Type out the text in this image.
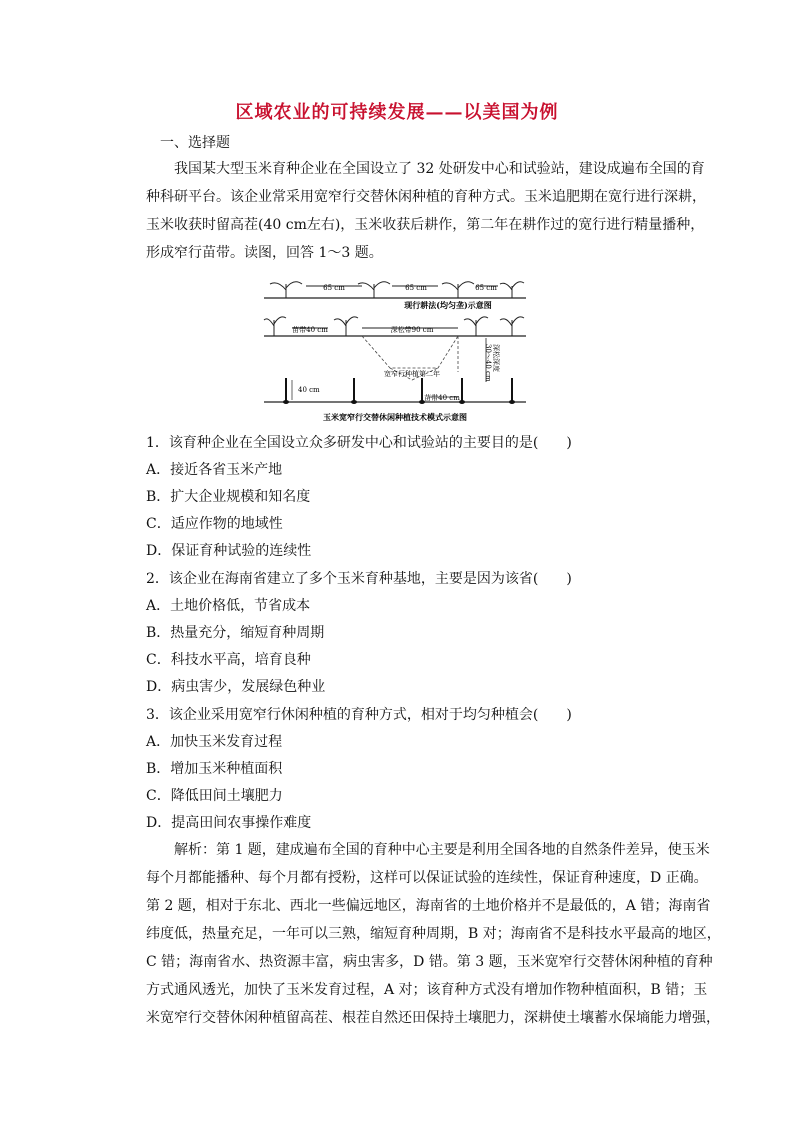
区域农业的可持续发展——以美国为例
一、选择题
我国某大型玉米育种企业在全国设立了 32 处研发中心和试验站，建设成遍布全国的育
种科研平台。该企业常采用宽窄行交替休闲种植的育种方式。玉米追肥期在宽行进行深耕，
玉米收获时留高茬(40 cm左右)，玉米收获后耕作，第二年在耕作过的宽行进行精量播种，
形成窄行苗带。读图，回答 1～3 题。
65 cm	65 cm	65 cm
现行耕法(均匀垄)示意图
苗带40 cm	深松带90 cm
深松深度
30～40 cm
宽窄行种植第二年
40 cm
苗带40 cm
玉米宽窄行交替休闲种植技术模式示意图
1．该育种企业在全国设立众多研发中心和试验站的主要目的是(　　)
A．接近各省玉米产地
B．扩大企业规模和知名度
C．适应作物的地域性
D．保证育种试验的连续性
2．该企业在海南省建立了多个玉米育种基地，主要是因为该省(　　)
A．土地价格低，节省成本
B．热量充分，缩短育种周期
C．科技水平高，培育良种
D．病虫害少，发展绿色种业
3．该企业采用宽窄行休闲种植的育种方式，相对于均匀种植会(　　)
A．加快玉米发育过程
B．增加玉米种植面积
C．降低田间土壤肥力
D．提高田间农事操作难度
解析：第 1 题，建成遍布全国的育种中心主要是利用全国各地的自然条件差异，使玉米
每个月都能播种、每个月都有授粉，这样可以保证试验的连续性，保证育种速度，D 正确。
第 2 题，相对于东北、西北一些偏远地区，海南省的土地价格并不是最低的，A 错；海南省
纬度低，热量充足，一年可以三熟，缩短育种周期，B 对；海南省不是科技水平最高的地区，
C 错；海南省水、热资源丰富，病虫害多，D 错。第 3 题，玉米宽窄行交替休闲种植的育种
方式通风透光，加快了玉米发育过程，A 对；该育种方式没有增加作物种植面积，B 错；玉
米宽窄行交替休闲种植留高茬、根茬自然还田保持土壤肥力，深耕使土壤蓄水保墒能力增强，
